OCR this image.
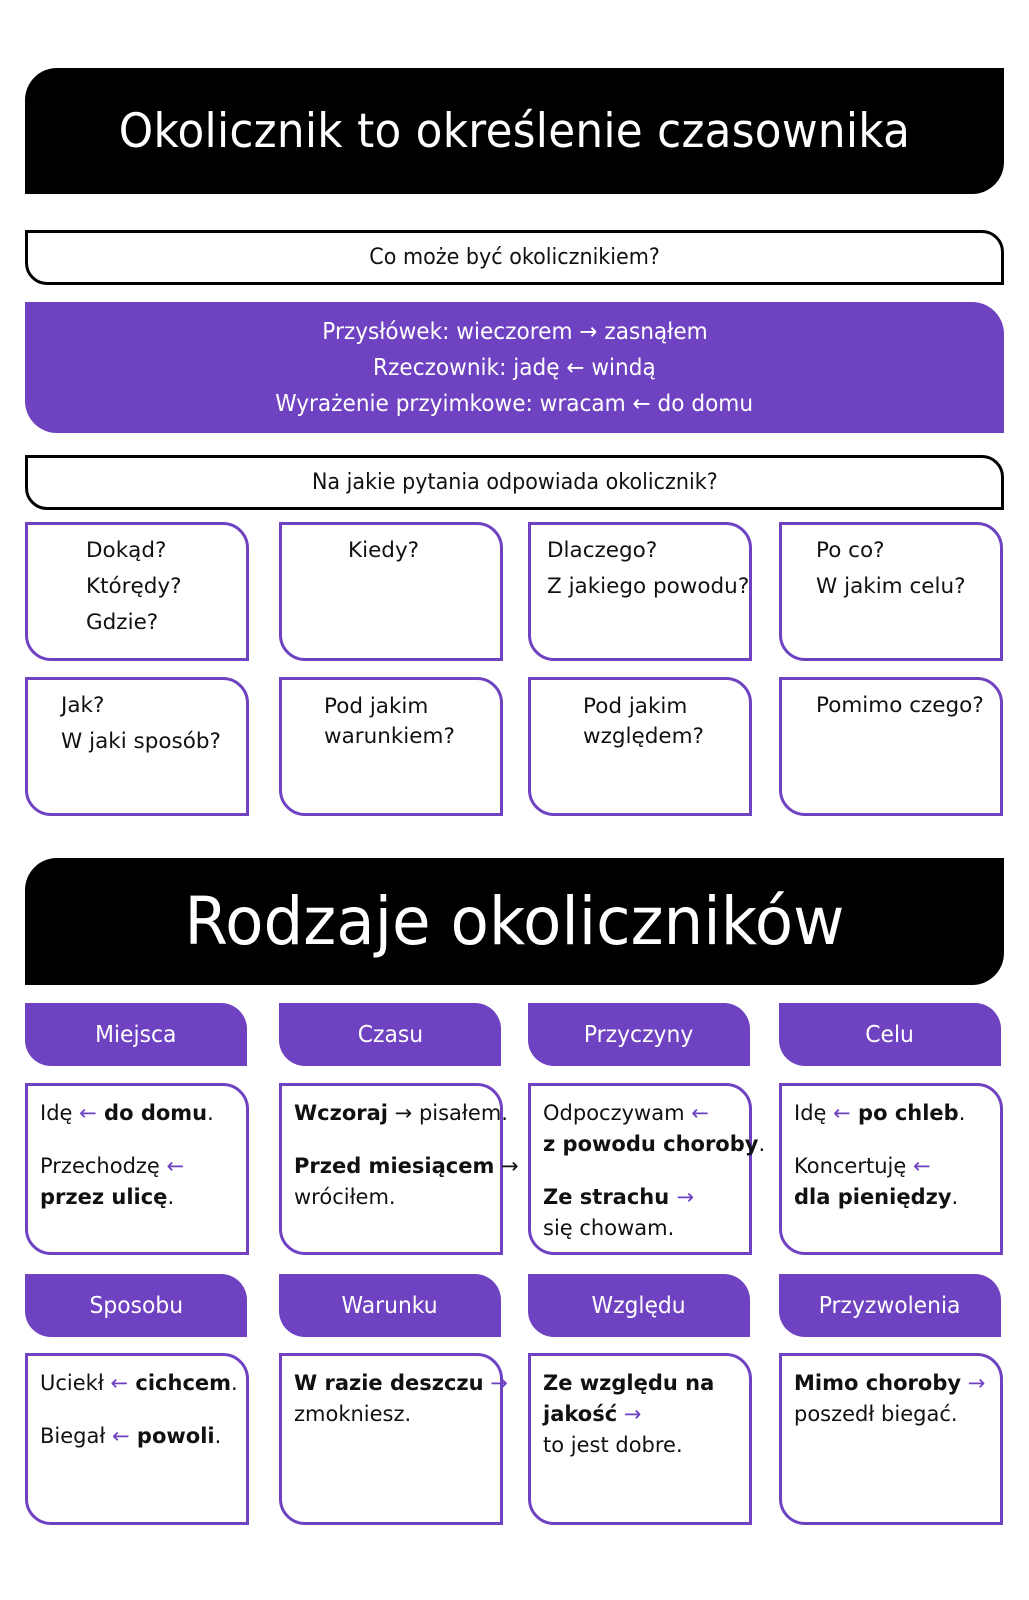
Okolicznik to określenie czasownika
Co może być okolicznikiem?
Przysłówek: wieczorem → zasnąłem
Rzeczownik: jadę ← windą
Wyrażenie przyimkowe: wracam ← do domu
Na jakie pytania odpowiada okolicznik?
Dokąd?
Którędy?
Gdzie?
Kiedy?	Dlaczego?
Z jakiego powodu?
Po co?
W jakim celu?
Jak?
W jaki sposób?
Pod jakim
warunkiem?
Pod jakim
względem?
Pomimo czego?
Rodzaje okoliczników
Miejsca	Czasu	Przyczyny	Celu
Idę ← do domu.
Przechodzę ←
przez ulicę.
Wczoraj → pisałem.
Przed miesiącem →
wróciłem.
Odpoczywam ←
z powodu choroby.
Ze strachu →
się chowam.
Idę ← po chleb.
Koncertuję ←
dla pieniędzy.
Sposobu	Warunku	Względu	Przyzwolenia
Uciekł ← cichcem.
Biegał ← powoli.
W razie deszczu →
zmokniesz.
Ze względu na
jakość →
to jest dobre.
Mimo choroby →
poszedł biegać.
